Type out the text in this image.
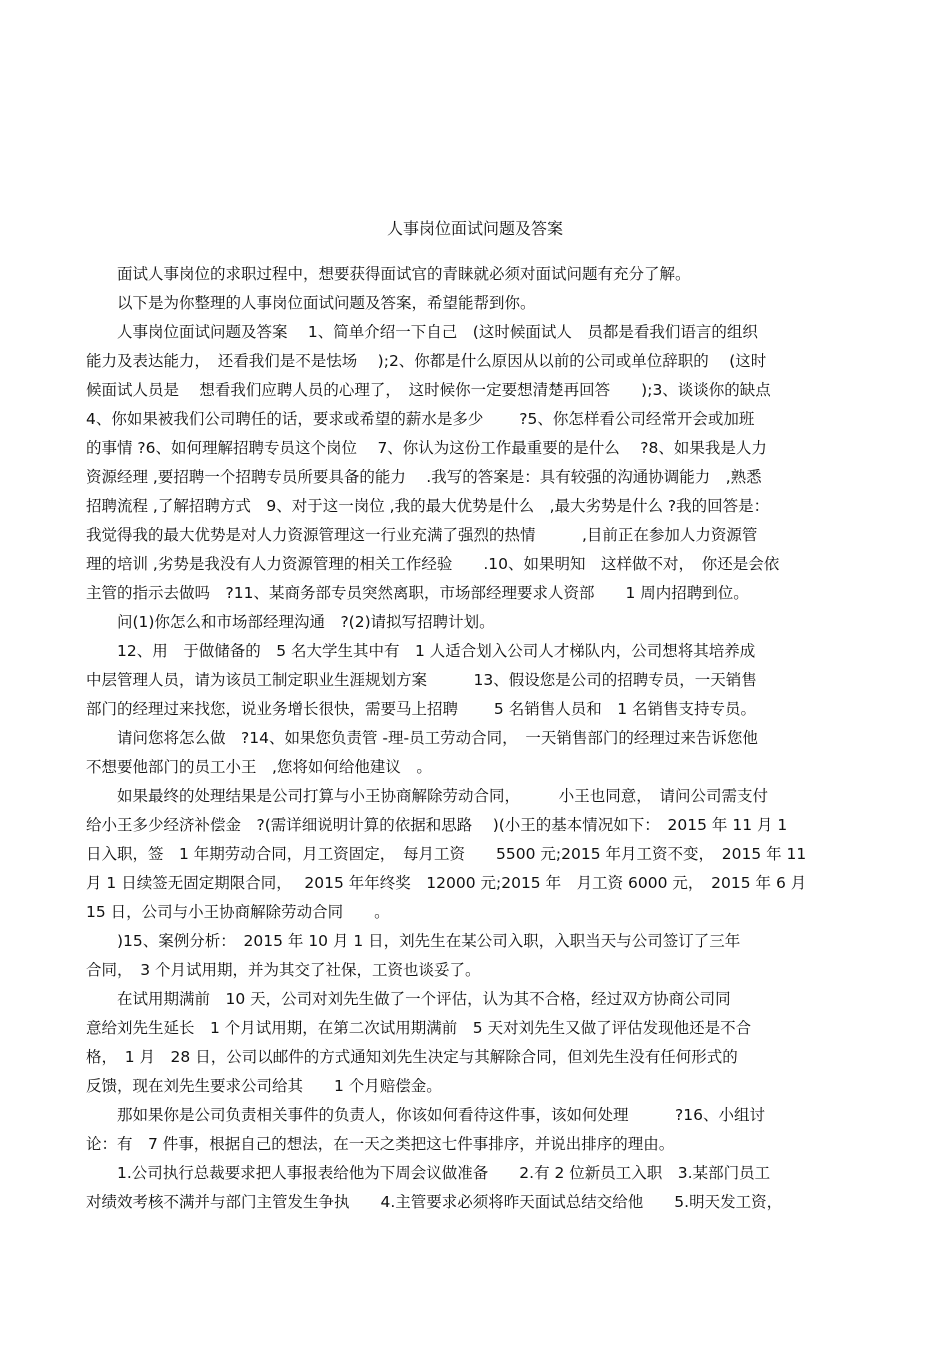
人事岗位面试问题及答案
　　面试人事岗位的求职过程中，想要获得面试官的青睐就必须对面试问题有充分了解。
　　以下是为你整理的人事岗位面试问题及答案，希望能帮到你。
　　人事岗位面试问题及答案　 1、简单介绍一下自己　(这时候面试人　员都是看我们语言的组织
能力及表达能力，　还看我们是不是怯场　 );2、你都是什么原因从以前的公司或单位辞职的　 (这时
候面试人员是　 想看我们应聘人员的心理了，　这时候你一定要想清楚再回答　　);3、谈谈你的缺点
4、你如果被我们公司聘任的话，要求或希望的薪水是多少　　 ?5、你怎样看公司经常开会或加班
的事情 ?6、如何理解招聘专员这个岗位　 7、你认为这份工作最重要的是什么　 ?8、如果我是人力
资源经理 ,要招聘一个招聘专员所要具备的能力　 .我写的答案是：具有较强的沟通协调能力　,熟悉
招聘流程 ,了解招聘方式　9、对于这一岗位 ,我的最大优势是什么　,最大劣势是什么 ?我的回答是：
我觉得我的最大优势是对人力资源管理这一行业充满了强烈的热情　　　,目前正在参加人力资源管
理的培训 ,劣势是我没有人力资源管理的相关工作经验　　.10、如果明知　这样做不对，　你还是会依
主管的指示去做吗　?11、某商务部专员突然离职，市场部经理要求人资部　　1 周内招聘到位。
　　问(1)你怎么和市场部经理沟通　?(2)请拟写招聘计划。
　　12、用　于做储备的　5 名大学生其中有　1 人适合划入公司人才梯队内，公司想将其培养成
中层管理人员，请为该员工制定职业生涯规划方案　　　13、假设您是公司的招聘专员，一天销售
部门的经理过来找您，说业务增长很快，需要马上招聘　　 5 名销售人员和　1 名销售支持专员。
　　请问您将怎么做　?14、如果您负责管 -理-员工劳动合同，　一天销售部门的经理过来告诉您他
不想要他部门的员工小王　,您将如何给他建议　。
　　如果最终的处理结果是公司打算与小王协商解除劳动合同，　　　小王也同意，　请问公司需支付
给小王多少经济补偿金　?(需详细说明计算的依据和思路　 )(小王的基本情况如下：　2015 年 11 月 1
日入职，签　1 年期劳动合同，月工资固定，　每月工资　　5500 元;2015 年月工资不变，　2015 年 11
月 1 日续签无固定期限合同，　 2015 年年终奖　12000 元;2015 年　月工资 6000 元，　2015 年 6 月
15 日，公司与小王协商解除劳动合同　　。
　　)15、案例分析：　2015 年 10 月 1 日，刘先生在某公司入职，入职当天与公司签订了三年
合同，　3 个月试用期，并为其交了社保，工资也谈妥了。
　　在试用期满前　10 天，公司对刘先生做了一个评估，认为其不合格，经过双方协商公司同
意给刘先生延长　1 个月试用期，在第二次试用期满前　5 天对刘先生又做了评估发现他还是不合
格，　1 月　28 日，公司以邮件的方式通知刘先生决定与其解除合同，但刘先生没有任何形式的
反馈，现在刘先生要求公司给其　　1 个月赔偿金。
　　那如果你是公司负责相关事件的负责人，你该如何看待这件事，该如何处理　　　?16、小组讨
论：有　7 件事，根据自己的想法，在一天之类把这七件事排序，并说出排序的理由。
　　1.公司执行总裁要求把人事报表给他为下周会议做准备　　2.有 2 位新员工入职　3.某部门员工
对绩效考核不满并与部门主管发生争执　　4.主管要求必须将昨天面试总结交给他　　5.明天发工资，
